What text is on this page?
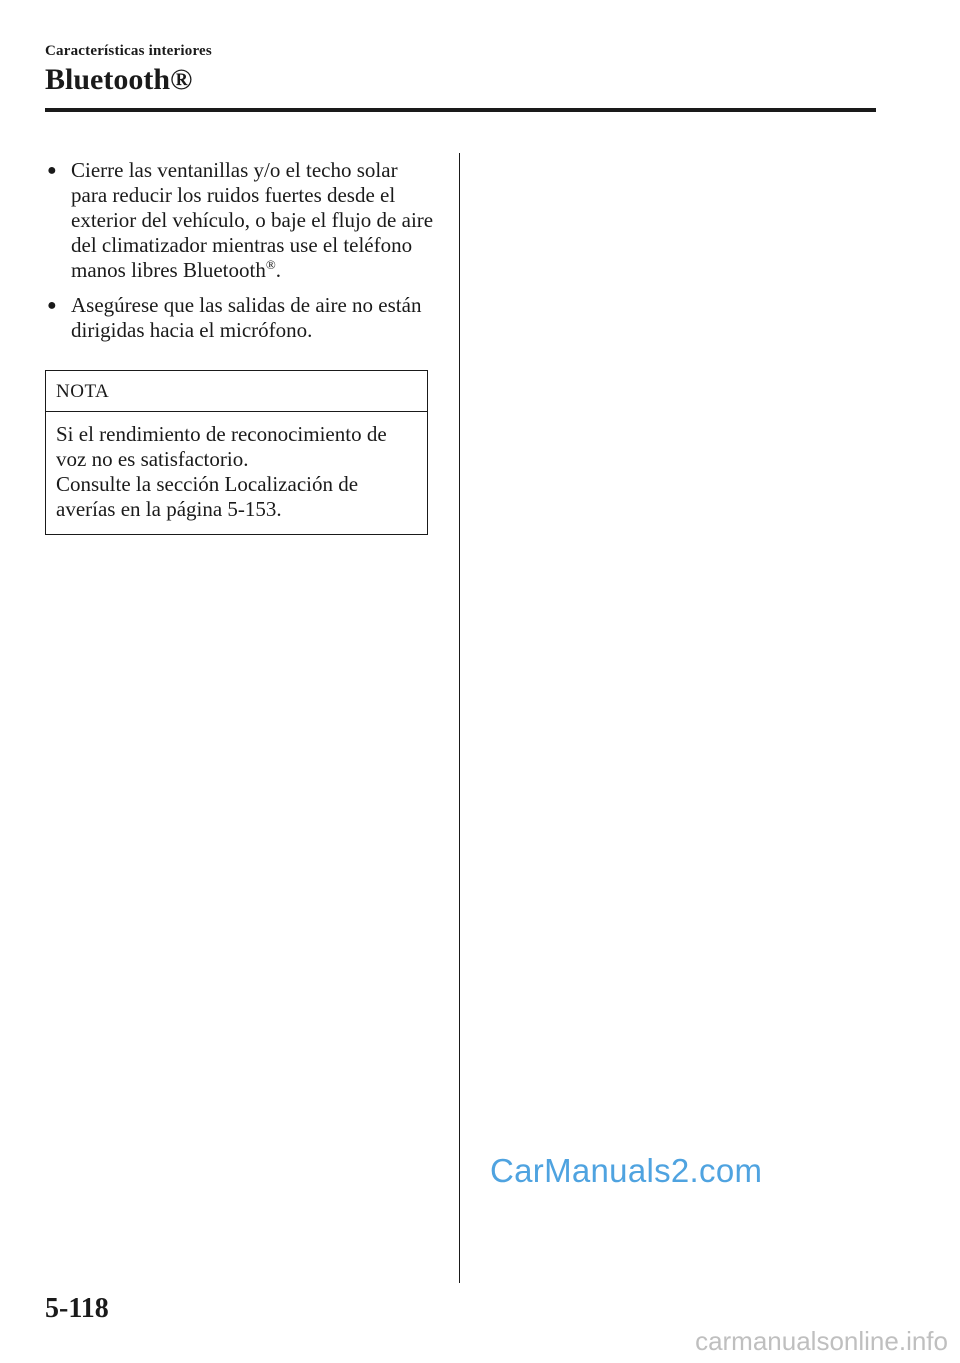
Características interiores
Bluetooth®
● Cierre las ventanillas y/o el techo solar para reducir los ruidos fuertes desde el exterior del vehículo, o baje el flujo de aire del climatizador mientras use el teléfono manos libres Bluetooth®.
● Asegúrese que las salidas de aire no están dirigidas hacia el micrófono.
NOTA
Si el rendimiento de reconocimiento de voz no es satisfactorio.
Consulte la sección Localización de averías en la página 5-153.
CarManuals2.com
5-118
carmanualsonline.info
